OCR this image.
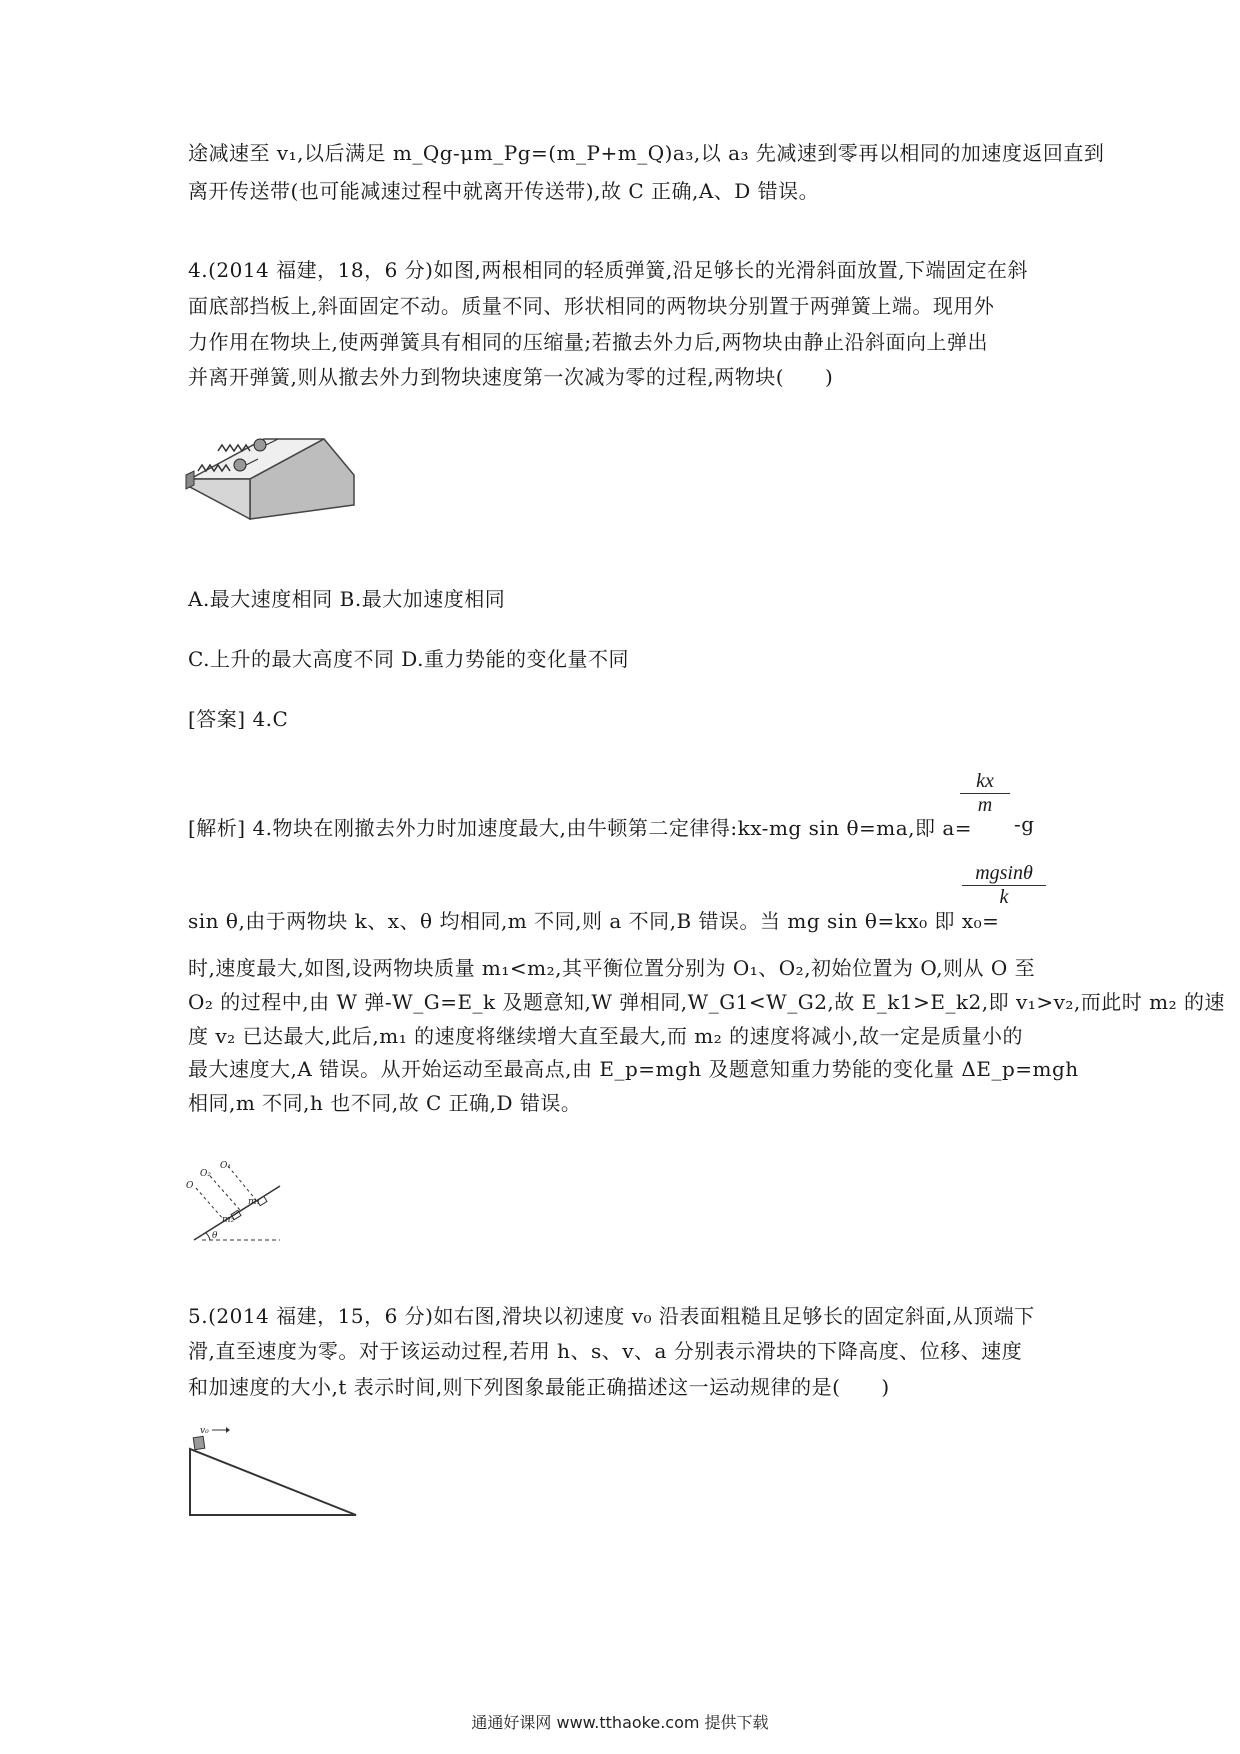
途减速至 v₁,以后满足 m_Qg-μm_Pg=(m_P+m_Q)a₃,以 a₃ 先减速到零再以相同的加速度返回直到
离开传送带(也可能减速过程中就离开传送带),故 C 正确,A、D 错误。
4.(2014 福建，18，6 分)如图,两根相同的轻质弹簧,沿足够长的光滑斜面放置,下端固定在斜
面底部挡板上,斜面固定不动。质量不同、形状相同的两物块分别置于两弹簧上端。现用外
力作用在物块上,使两弹簧具有相同的压缩量;若撤去外力后,两物块由静止沿斜面向上弹出
并离开弹簧,则从撤去外力到物块速度第一次减为零的过程,两物块(　　)
A.最大速度相同 B.最大加速度相同
C.上升的最大高度不同 D.重力势能的变化量不同
[答案] 4.C
[解析] 4.物块在刚撤去外力时加速度最大,由牛顿第二定律得:kx-mg sin θ=ma,即 a=
kx
m
-g
sin θ,由于两物块 k、x、θ 均相同,m 不同,则 a 不同,B 错误。当 mg sin θ=kx₀ 即 x₀=
mgsinθ
k
时,速度最大,如图,设两物块质量 m₁<m₂,其平衡位置分别为 O₁、O₂,初始位置为 O,则从 O 至
O₂ 的过程中,由 W 弹-W_G=E_k 及题意知,W 弹相同,W_G1<W_G2,故 E_k1>E_k2,即 v₁>v₂,而此时 m₂ 的速
度 v₂ 已达最大,此后,m₁ 的速度将继续增大直至最大,而 m₂ 的速度将减小,故一定是质量小的
最大速度大,A 错误。从开始运动至最高点,由 E_p=mgh 及题意知重力势能的变化量 ΔE_p=mgh
相同,m 不同,h 也不同,故 C 正确,D 错误。
O
O₂
O₁
m₂
m₁
θ
5.(2014 福建，15，6 分)如右图,滑块以初速度 v₀ 沿表面粗糙且足够长的固定斜面,从顶端下
滑,直至速度为零。对于该运动过程,若用 h、s、v、a 分别表示滑块的下降高度、位移、速度
和加速度的大小,t 表示时间,则下列图象最能正确描述这一运动规律的是(　　)
v₀
通通好课网 www.tthaoke.com 提供下载
